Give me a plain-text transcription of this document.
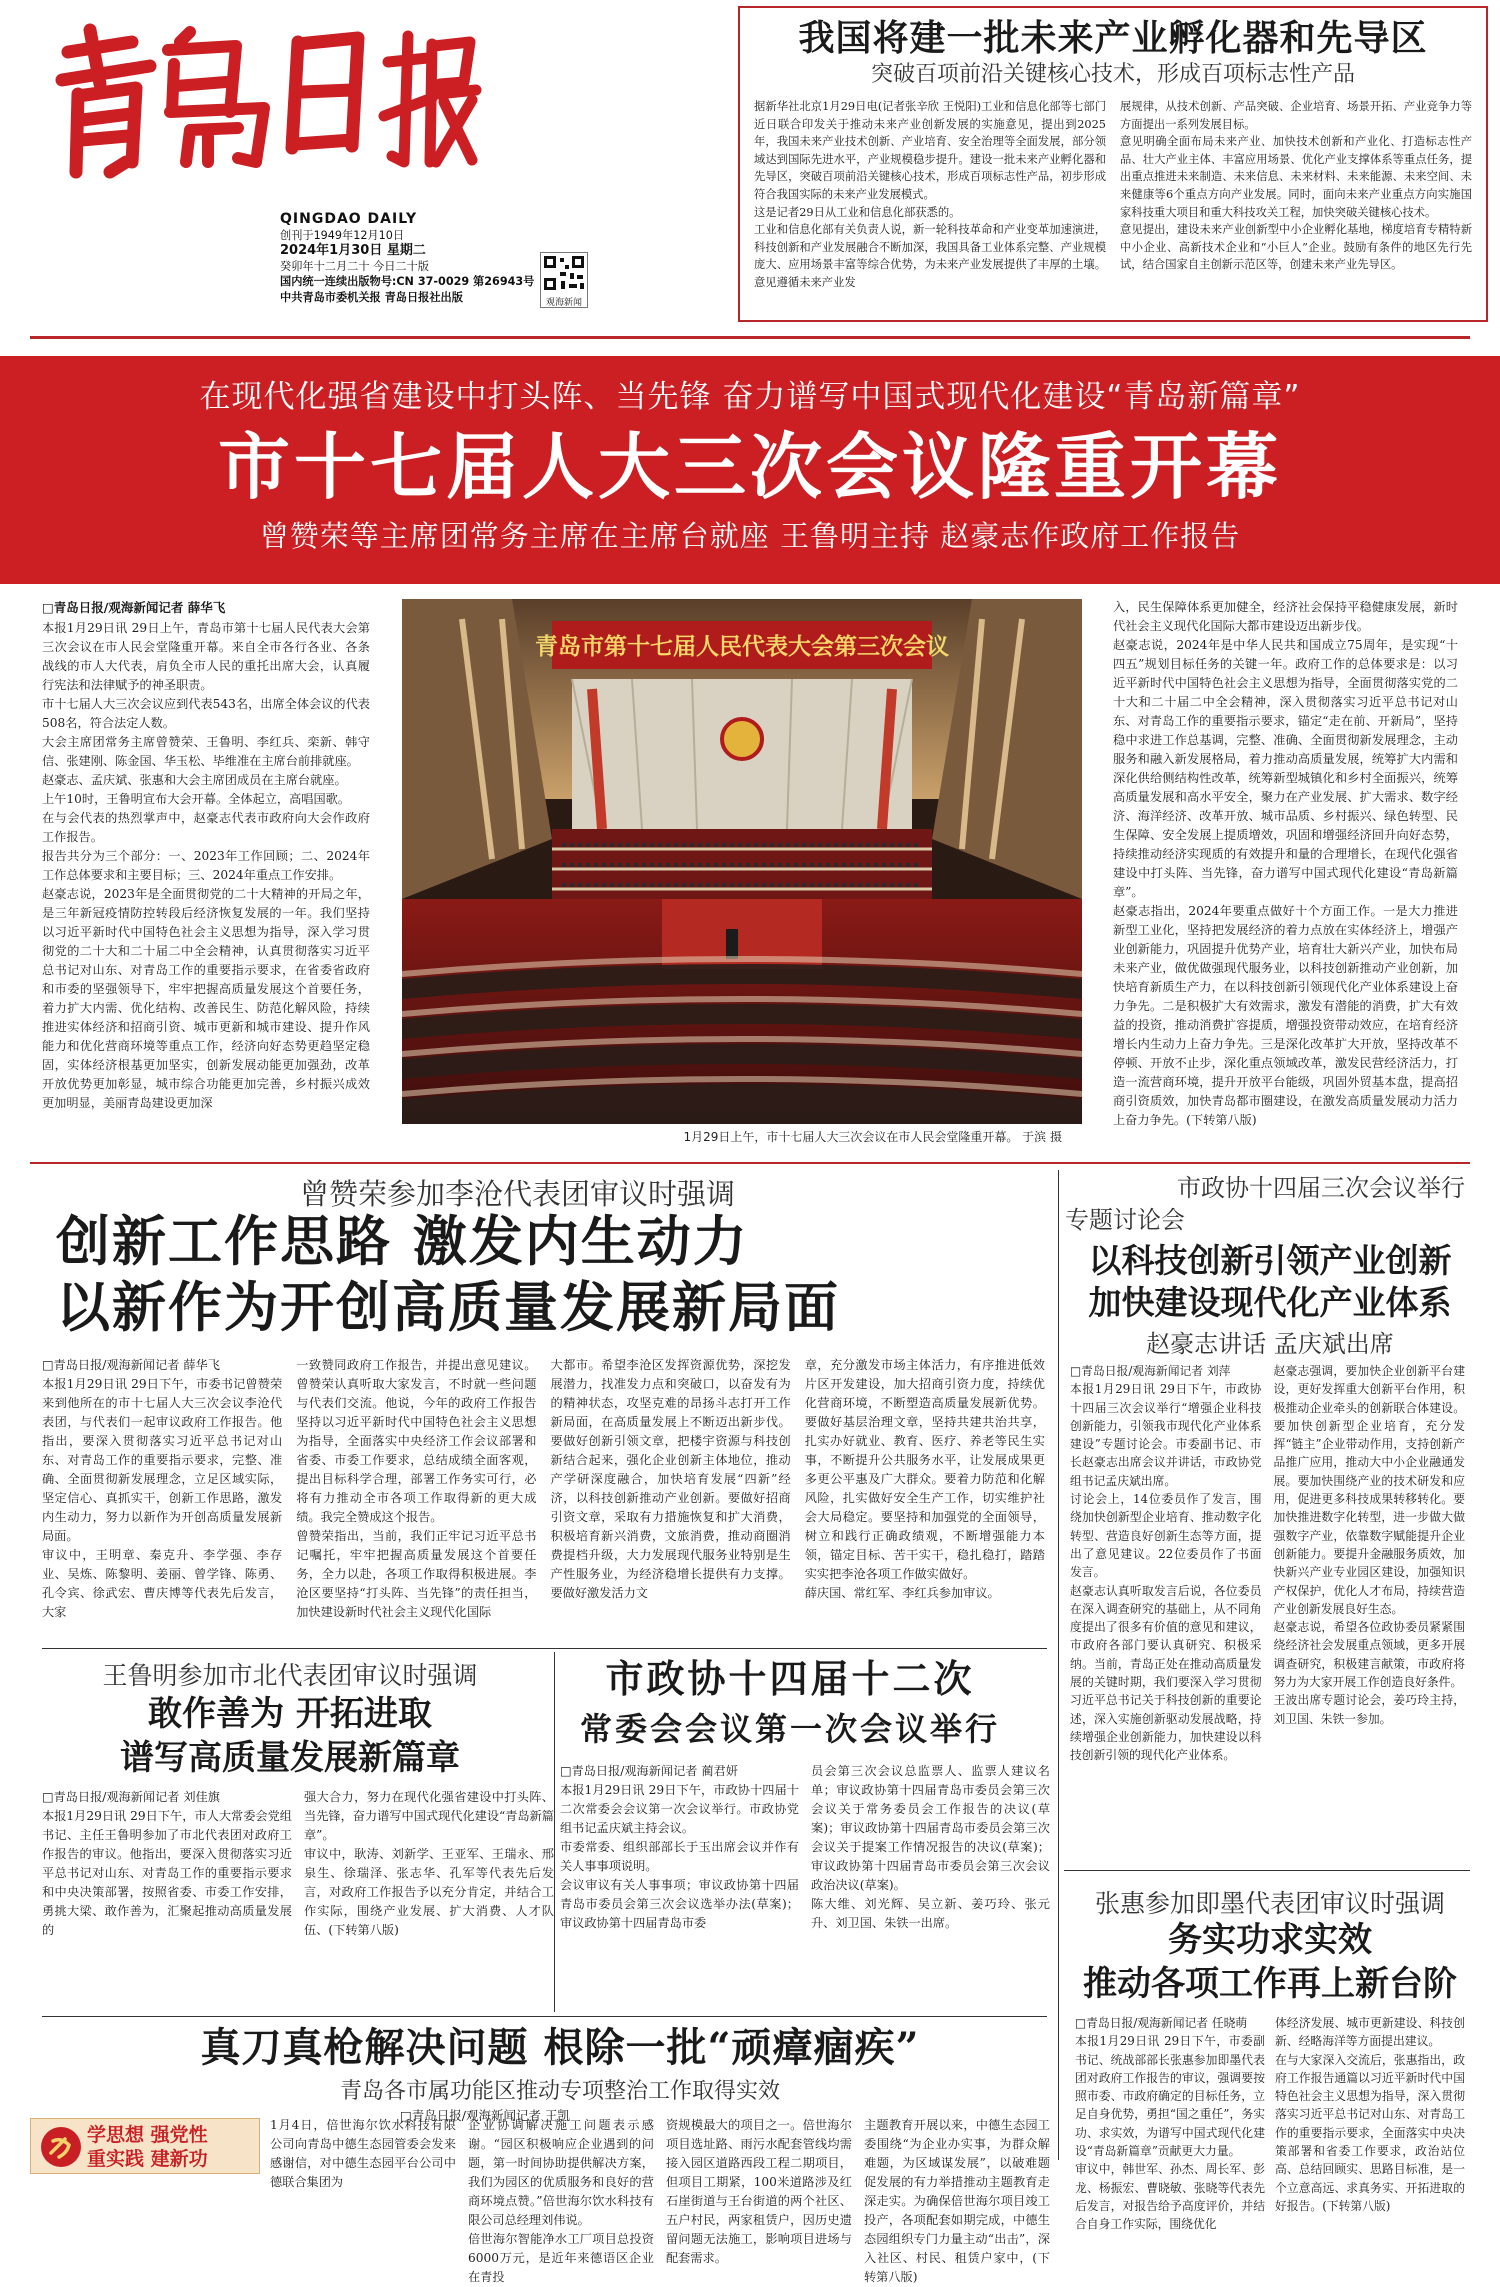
QINGDAO DAILY
创刊于1949年12月10日
2024年1月30日 星期二
癸卯年十二月二十 今日二十版
国内统一连续出版物号:CN 37-0029 第26943号
中共青岛市委机关报 青岛日报社出版	观海新闻
我国将建一批未来产业孵化器和先导区
突破百项前沿关键核心技术，形成百项标志性产品
据新华社北京1月29日电(记者张辛欣 王悦阳)工业和信息化部等七部门近日联合印发关于推动未来产业创新发展的实施意见，提出到2025年，我国未来产业技术创新、产业培育、安全治理等全面发展，部分领域达到国际先进水平，产业规模稳步提升。建设一批未来产业孵化器和先导区，突破百项前沿关键核心技术，形成百项标志性产品，初步形成符合我国实际的未来产业发展模式。
这是记者29日从工业和信息化部获悉的。
工业和信息化部有关负责人说，新一轮科技革命和产业变革加速演进，科技创新和产业发展融合不断加深，我国具备工业体系完整、产业规模庞大、应用场景丰富等综合优势，为未来产业发展提供了丰厚的土壤。意见遵循未来产业发
展规律，从技术创新、产品突破、企业培育、场景开拓、产业竞争力等方面提出一系列发展目标。
意见明确全面布局未来产业、加快技术创新和产业化、打造标志性产品、壮大产业主体、丰富应用场景、优化产业支撑体系等重点任务，提出重点推进未来制造、未来信息、未来材料、未来能源、未来空间、未来健康等6个重点方向产业发展。同时，面向未来产业重点方向实施国家科技重大项目和重大科技攻关工程，加快突破关键核心技术。
意见提出，建设未来产业创新型中小企业孵化基地，梯度培育专精特新中小企业、高新技术企业和“小巨人”企业。鼓励有条件的地区先行先试，结合国家自主创新示范区等，创建未来产业先导区。
在现代化强省建设中打头阵、当先锋 奋力谱写中国式现代化建设“青岛新篇章”
市十七届人大三次会议隆重开幕
曾赞荣等主席团常务主席在主席台就座 王鲁明主持 赵豪志作政府工作报告
□青岛日报/观海新闻记者 薛华飞
本报1月29日讯 29日上午，青岛市第十七届人民代表大会第三次会议在市人民会堂隆重开幕。来自全市各行各业、各条战线的市人大代表，肩负全市人民的重托出席大会，认真履行宪法和法律赋予的神圣职责。
市十七届人大三次会议应到代表543名，出席全体会议的代表508名，符合法定人数。
大会主席团常务主席曾赞荣、王鲁明、李红兵、栾新、韩守信、张建刚、陈金国、华玉松、毕维准在主席台前排就座。
赵豪志、孟庆斌、张惠和大会主席团成员在主席台就座。
上午10时，王鲁明宣布大会开幕。全体起立，高唱国歌。
在与会代表的热烈掌声中，赵豪志代表市政府向大会作政府工作报告。
报告共分为三个部分：一、2023年工作回顾；二、2024年工作总体要求和主要目标；三、2024年重点工作安排。
赵豪志说，2023年是全面贯彻党的二十大精神的开局之年，是三年新冠疫情防控转段后经济恢复发展的一年。我们坚持以习近平新时代中国特色社会主义思想为指导，深入学习贯彻党的二十大和二十届二中全会精神，认真贯彻落实习近平总书记对山东、对青岛工作的重要指示要求，在省委省政府和市委的坚强领导下，牢牢把握高质量发展这个首要任务，着力扩大内需、优化结构、改善民生、防范化解风险，持续推进实体经济和招商引资、城市更新和城市建设、提升作风能力和优化营商环境等重点工作，经济向好态势更趋坚定稳固，实体经济根基更加坚实，创新发展动能更加强劲，改革开放优势更加彰显，城市综合功能更加完善，乡村振兴成效更加明显，美丽青岛建设更加深
青岛市第十七届人民代表大会第三次会议
1月29日上午，市十七届人大三次会议在市人民会堂隆重开幕。 于滨 摄
入，民生保障体系更加健全，经济社会保持平稳健康发展，新时代社会主义现代化国际大都市建设迈出新步伐。
赵豪志说，2024年是中华人民共和国成立75周年，是实现“十四五”规划目标任务的关键一年。政府工作的总体要求是：以习近平新时代中国特色社会主义思想为指导，全面贯彻落实党的二十大和二十届二中全会精神，深入贯彻落实习近平总书记对山东、对青岛工作的重要指示要求，锚定“走在前、开新局”，坚持稳中求进工作总基调，完整、准确、全面贯彻新发展理念，主动服务和融入新发展格局，着力推动高质量发展，统筹扩大内需和深化供给侧结构性改革，统筹新型城镇化和乡村全面振兴，统筹高质量发展和高水平安全，聚力在产业发展、扩大需求、数字经济、海洋经济、改革开放、城市品质、乡村振兴、绿色转型、民生保障、安全发展上提质增效，巩固和增强经济回升向好态势，持续推动经济实现质的有效提升和量的合理增长，在现代化强省建设中打头阵、当先锋，奋力谱写中国式现代化建设“青岛新篇章”。
赵豪志指出，2024年要重点做好十个方面工作。一是大力推进新型工业化，坚持把发展经济的着力点放在实体经济上，增强产业创新能力，巩固提升优势产业，培育壮大新兴产业，加快布局未来产业，做优做强现代服务业，以科技创新推动产业创新，加快培育新质生产力，在以科技创新引领现代化产业体系建设上奋力争先。二是积极扩大有效需求，激发有潜能的消费，扩大有效益的投资，推动消费扩容提质，增强投资带动效应，在培育经济增长内生动力上奋力争先。三是深化改革扩大开放，坚持改革不停顿、开放不止步，深化重点领域改革，激发民营经济活力，打造一流营商环境，提升开放平台能级，巩固外贸基本盘，提高招商引资质效，加快青岛都市圈建设，在激发高质量发展动力活力上奋力争先。(下转第八版)
曾赞荣参加李沧代表团审议时强调
创新工作思路 激发内生动力
以新作为开创高质量发展新局面
□青岛日报/观海新闻记者 薛华飞
本报1月29日讯 29日下午，市委书记曾赞荣来到他所在的市十七届人大三次会议李沧代表团，与代表们一起审议政府工作报告。他指出，要深入贯彻落实习近平总书记对山东、对青岛工作的重要指示要求，完整、准确、全面贯彻新发展理念，立足区域实际，坚定信心、真抓实干，创新工作思路，激发内生动力，努力以新作为开创高质量发展新局面。
审议中，王明章、秦克升、李学强、李存业、吴炼、陈黎明、姜丽、曾学锋、陈勇、孔令宾、徐武宏、曹庆博等代表先后发言，大家
一致赞同政府工作报告，并提出意见建议。曾赞荣认真听取大家发言，不时就一些问题与代表们交流。他说，今年的政府工作报告坚持以习近平新时代中国特色社会主义思想为指导，全面落实中央经济工作会议部署和省委、市委工作要求，总结成绩全面客观，提出目标科学合理，部署工作务实可行，必将有力推动全市各项工作取得新的更大成绩。我完全赞成这个报告。
曾赞荣指出，当前，我们正牢记习近平总书记嘱托，牢牢把握高质量发展这个首要任务，全力以赴，各项工作取得积极进展。李沧区要坚持“打头阵、当先锋”的责任担当，加快建设新时代社会主义现代化国际
大都市。希望李沧区发挥资源优势，深挖发展潜力，找准发力点和突破口，以奋发有为的精神状态，攻坚克难的昂扬斗志打开工作新局面，在高质量发展上不断迈出新步伐。要做好创新引领文章，把楼宇资源与科技创新结合起来，强化企业创新主体地位，推动产学研深度融合，加快培育发展“四新”经济，以科技创新推动产业创新。要做好招商引资文章，采取有力措施恢复和扩大消费，积极培育新兴消费，文旅消费，推动商圈消费提档升级，大力发展现代服务业特别是生产性服务业，为经济稳增长提供有力支撑。要做好激发活力文
章，充分激发市场主体活力，有序推进低效片区开发建设，加大招商引资力度，持续优化营商环境，不断塑造高质量发展新优势。要做好基层治理文章，坚持共建共治共享，扎实办好就业、教育、医疗、养老等民生实事，不断提升公共服务水平，让发展成果更多更公平惠及广大群众。要着力防范和化解风险，扎实做好安全生产工作，切实维护社会大局稳定。要坚持和加强党的全面领导，树立和践行正确政绩观，不断增强能力本领，锚定目标、苦干实干，稳扎稳打，踏踏实实把李沧各项工作做实做好。
薛庆国、常红军、李红兵参加审议。
市政协十四届三次会议举行
专题讨论会
以科技创新引领产业创新
加快建设现代化产业体系
赵豪志讲话 孟庆斌出席
□青岛日报/观海新闻记者 刘萍
本报1月29日讯 29日下午，市政协十四届三次会议举行“增强企业科技创新能力，引领我市现代化产业体系建设”专题讨论会。市委副书记、市长赵豪志出席会议并讲话，市政协党组书记孟庆斌出席。
讨论会上，14位委员作了发言，围绕加快创新型企业培育、推动数字化转型、营造良好创新生态等方面，提出了意见建议。22位委员作了书面发言。
赵豪志认真听取发言后说，各位委员在深入调查研究的基础上，从不同角度提出了很多有价值的意见和建议，市政府各部门要认真研究、积极采纳。当前，青岛正处在推动高质量发展的关键时期，我们要深入学习贯彻习近平总书记关于科技创新的重要论述，深入实施创新驱动发展战略，持续增强企业创新能力，加快建设以科技创新引领的现代化产业体系。
赵豪志强调，要加快企业创新平台建设，更好发挥重大创新平台作用，积极推动企业牵头的创新联合体建设。要加快创新型企业培育，充分发挥“链主”企业带动作用，支持创新产品推广应用，推动大中小企业融通发展。要加快围绕产业的技术研发和应用，促进更多科技成果转移转化。要加快推进数字化转型，进一步做大做强数字产业，依靠数字赋能提升企业创新能力。要提升金融服务质效，加快新兴产业专业园区建设，加强知识产权保护，优化人才布局，持续营造产业创新发展良好生态。
赵豪志说，希望各位政协委员紧紧围绕经济社会发展重点领域，更多开展调查研究，积极建言献策，市政府将努力为大家开展工作创造良好条件。
王波出席专题讨论会，姜巧玲主持，刘卫国、朱铁一参加。
王鲁明参加市北代表团审议时强调
敢作善为 开拓进取
谱写高质量发展新篇章
□青岛日报/观海新闻记者 刘佳旗
本报1月29日讯 29日下午，市人大常委会党组书记、主任王鲁明参加了市北代表团对政府工作报告的审议。他指出，要深入贯彻落实习近平总书记对山东、对青岛工作的重要指示要求和中央决策部署，按照省委、市委工作安排，勇挑大梁、敢作善为，汇聚起推动高质量发展的
强大合力，努力在现代化强省建设中打头阵、当先锋，奋力谱写中国式现代化建设“青岛新篇章”。
审议中，耿涛、刘新学、王亚军、王瑞永、邢泉生、徐瑞泽、张志华、孔军等代表先后发言，对政府工作报告予以充分肯定，并结合工作实际，围绕产业发展、扩大消费、人才队伍、(下转第八版)
市政协十四届十二次
常委会会议第一次会议举行
□青岛日报/观海新闻记者 蔺君妍
本报1月29日讯 29日下午，市政协十四届十二次常委会会议第一次会议举行。市政协党组书记孟庆斌主持会议。
市委常委、组织部部长于玉出席会议并作有关人事事项说明。
会议审议有关人事事项；审议政协第十四届青岛市委员会第三次会议选举办法(草案)；审议政协第十四届青岛市委
员会第三次会议总监票人、监票人建议名单；审议政协第十四届青岛市委员会第三次会议关于常务委员会工作报告的决议(草案)；审议政协第十四届青岛市委员会第三次会议关于提案工作情况报告的决议(草案)；审议政协第十四届青岛市委员会第三次会议政治决议(草案)。
陈大维、刘光辉、吴立新、姜巧玲、张元升、刘卫国、朱铁一出席。
张惠参加即墨代表团审议时强调
务实功求实效
推动各项工作再上新台阶
□青岛日报/观海新闻记者 任晓萌
本报1月29日讯 29日下午，市委副书记、统战部部长张惠参加即墨代表团对政府工作报告的审议，强调要按照市委、市政府确定的目标任务，立足自身优势，勇担“国之重任”，务实功、求实效，为谱写中国式现代化建设“青岛新篇章”贡献更大力量。
审议中，韩世军、孙杰、周长军、彭龙、杨振宏、曹晓敏、张晓等代表先后发言，对报告给予高度评价，并结合自身工作实际，围绕优化
体经济发展、城市更新建设、科技创新、经略海洋等方面提出建议。
在与大家深入交流后，张惠指出，政府工作报告通篇以习近平新时代中国特色社会主义思想为指导，深入贯彻落实习近平总书记对山东、对青岛工作的重要指示要求，全面落实中央决策部署和省委工作要求，政治站位高、总结回顾实、思路目标准，是一个立意高远、求真务实、开拓进取的好报告。(下转第八版)
真刀真枪解决问题 根除一批“顽瘴痼疾”
青岛各市属功能区推动专项整治工作取得实效
□青岛日报/观海新闻记者 王凯
学思想 强党性
重实践 建新功
1月4日，倍世海尔饮水科技有限公司向青岛中德生态园管委会发来感谢信，对中德生态园平台公司中德联合集团为
企业协调解决施工问题表示感谢。“园区积极响应企业遇到的问题，第一时间协助提供解决方案，我们为园区的优质服务和良好的营商环境点赞。”倍世海尔饮水科技有限公司总经理刘伟说。
倍世海尔智能净水工厂项目总投资6000万元，是近年来德语区企业在青投
资规模最大的项目之一。倍世海尔项目选址路、雨污水配套管线均需接入园区道路西段工程二期项目，但项目工期紧，100米道路涉及红石崖街道与王台街道的两个社区、五户村民，两家租赁户，因历史遗留问题无法施工，影响项目进场与配套需求。
主题教育开展以来，中德生态园工委围绕“为企业办实事，为群众解难题，为区域谋发展”，以破难题促发展的有力举措推动主题教育走深走实。为确保倍世海尔项目竣工投产，各项配套如期完成，中德生态园组织专门力量主动“出击”，深入社区、村民、租赁户家中，(下转第八版)
